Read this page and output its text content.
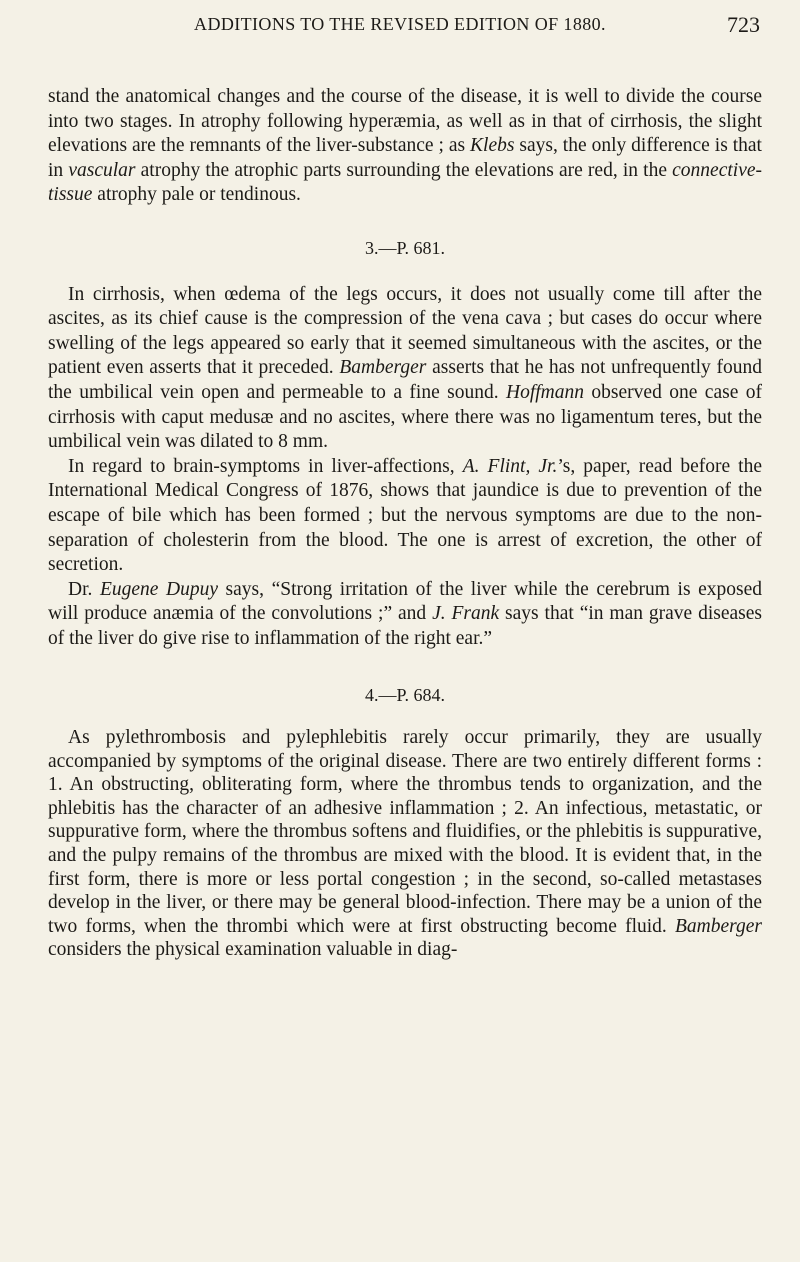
ADDITIONS TO THE REVISED EDITION OF 1880.	723

stand the anatomical changes and the course of the disease, it is well to divide the course into two stages. In atrophy following hyperæmia, as well as in that of cirrhosis, the slight elevations are the remnants of the liver-substance ; as Klebs says, the only difference is that in vascular atrophy the atrophic parts surrounding the elevations are red, in the connective-tissue atrophy pale or tendinous.

3.—P. 681.

In cirrhosis, when œdema of the legs occurs, it does not usually come till after the ascites, as its chief cause is the compression of the vena cava ; but cases do occur where swelling of the legs appeared so early that it seemed simultaneous with the ascites, or the patient even asserts that it preceded. Bamberger asserts that he has not unfrequently found the umbilical vein open and permeable to a fine sound. Hoffmann observed one case of cirrhosis with caput medusæ and no ascites, where there was no ligamentum teres, but the umbilical vein was dilated to 8 mm.

In regard to brain-symptoms in liver-affections, A. Flint, Jr.’s, paper, read before the International Medical Congress of 1876, shows that jaundice is due to prevention of the escape of bile which has been formed ; but the nervous symptoms are due to the non-separation of cholesterin from the blood. The one is arrest of excretion, the other of secretion.

Dr. Eugene Dupuy says, “Strong irritation of the liver while the cerebrum is exposed will produce anæmia of the convolutions ;” and J. Frank says that “in man grave diseases of the liver do give rise to inflammation of the right ear.”

4.—P. 684.

As pylethrombosis and pylephlebitis rarely occur primarily, they are usually accompanied by symptoms of the original disease. There are two entirely different forms : 1. An obstructing, obliterating form, where the thrombus tends to organization, and the phlebitis has the character of an adhesive inflammation ; 2. An infectious, metastatic, or suppurative form, where the thrombus softens and fluidifies, or the phlebitis is suppurative, and the pulpy remains of the thrombus are mixed with the blood. It is evident that, in the first form, there is more or less portal congestion ; in the second, so-called metastases develop in the liver, or there may be general blood-infection. There may be a union of the two forms, when the thrombi which were at first obstructing become fluid. Bamberger considers the physical examination valuable in diag-
